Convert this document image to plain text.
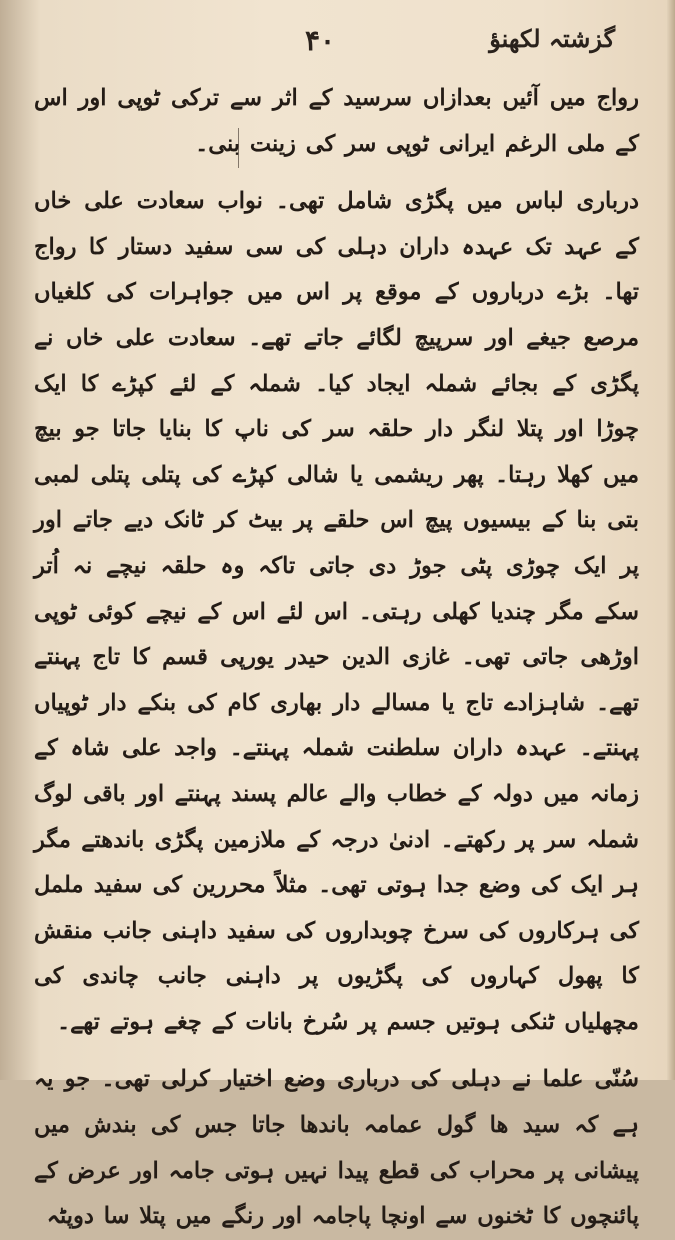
گزشتہ لکھنؤ
۴۰

رواج میں آئیں بعدازاں سرسید کے اثر سے ترکی ٹوپی اور اس کے ملی الرغم ایرانی ٹوپی سر کی زینت بنی۔

درباری لباس میں پگڑی شامل تھی۔ نواب سعادت علی خاں کے عہد تک عہدہ داران دہلی کی سی سفید دستار کا رواج تھا۔ بڑے درباروں کے موقع پر اس میں جواہرات کی کلغیاں مرصع جیغے اور سرپیچ لگائے جاتے تھے۔ سعادت علی خاں نے پگڑی کے بجائے شملہ ایجاد کیا۔ شملہ کے لئے کپڑے کا ایک چوڑا اور پتلا لنگر دار حلقہ سر کی ناپ کا بنایا جاتا جو بیچ میں کھلا رہتا۔ پھر ریشمی یا شالی کپڑے کی پتلی پتلی لمبی بتی بنا کے بیسیوں پیچ اس حلقے پر بیٹ کر ٹانک دیے جاتے اور پر ایک چوڑی پٹی جوڑ دی جاتی تاکہ وہ حلقہ نیچے نہ اُتر سکے مگر چندیا کھلی رہتی۔ اس لئے اس کے نیچے کوئی ٹوپی اوڑھی جاتی تھی۔ غازی الدین حیدر یورپی قسم کا تاج پہنتے تھے۔ شاہزادے تاج یا مسالے دار بھاری کام کی بنکے دار ٹوپیاں پہنتے۔ عہدہ داران سلطنت شملہ پہنتے۔ واجد علی شاہ کے زمانہ میں دولہ کے خطاب والے عالم پسند پہنتے اور باقی لوگ شملہ سر پر رکھتے۔ ادنیٰ درجہ کے ملازمین پگڑی باندھتے مگر ہر ایک کی وضع جدا ہوتی تھی۔ مثلاً محررین کی سفید ململ کی ہرکاروں کی سرخ چوبداروں کی سفید داہنی جانب منقش کا پھول کہاروں کی پگڑیوں پر داہنی جانب چاندی کی مچھلیاں ٹنکی ہوتیں جسم پر سُرخ بانات کے چغے ہوتے تھے۔

سُنّی علما نے دہلی کی درباری وضع اختیار کرلی تھی۔ جو یہ ہے کہ سید ھا گول عمامہ باندھا جاتا جس کی بندش میں پیشانی پر محراب کی قطع پیدا نہیں ہوتی جامہ اور عرض کے پائنچوں کا ٹخنوں سے اونچا پاجامہ اور رنگے میں پتلا سا دوپٹہ
